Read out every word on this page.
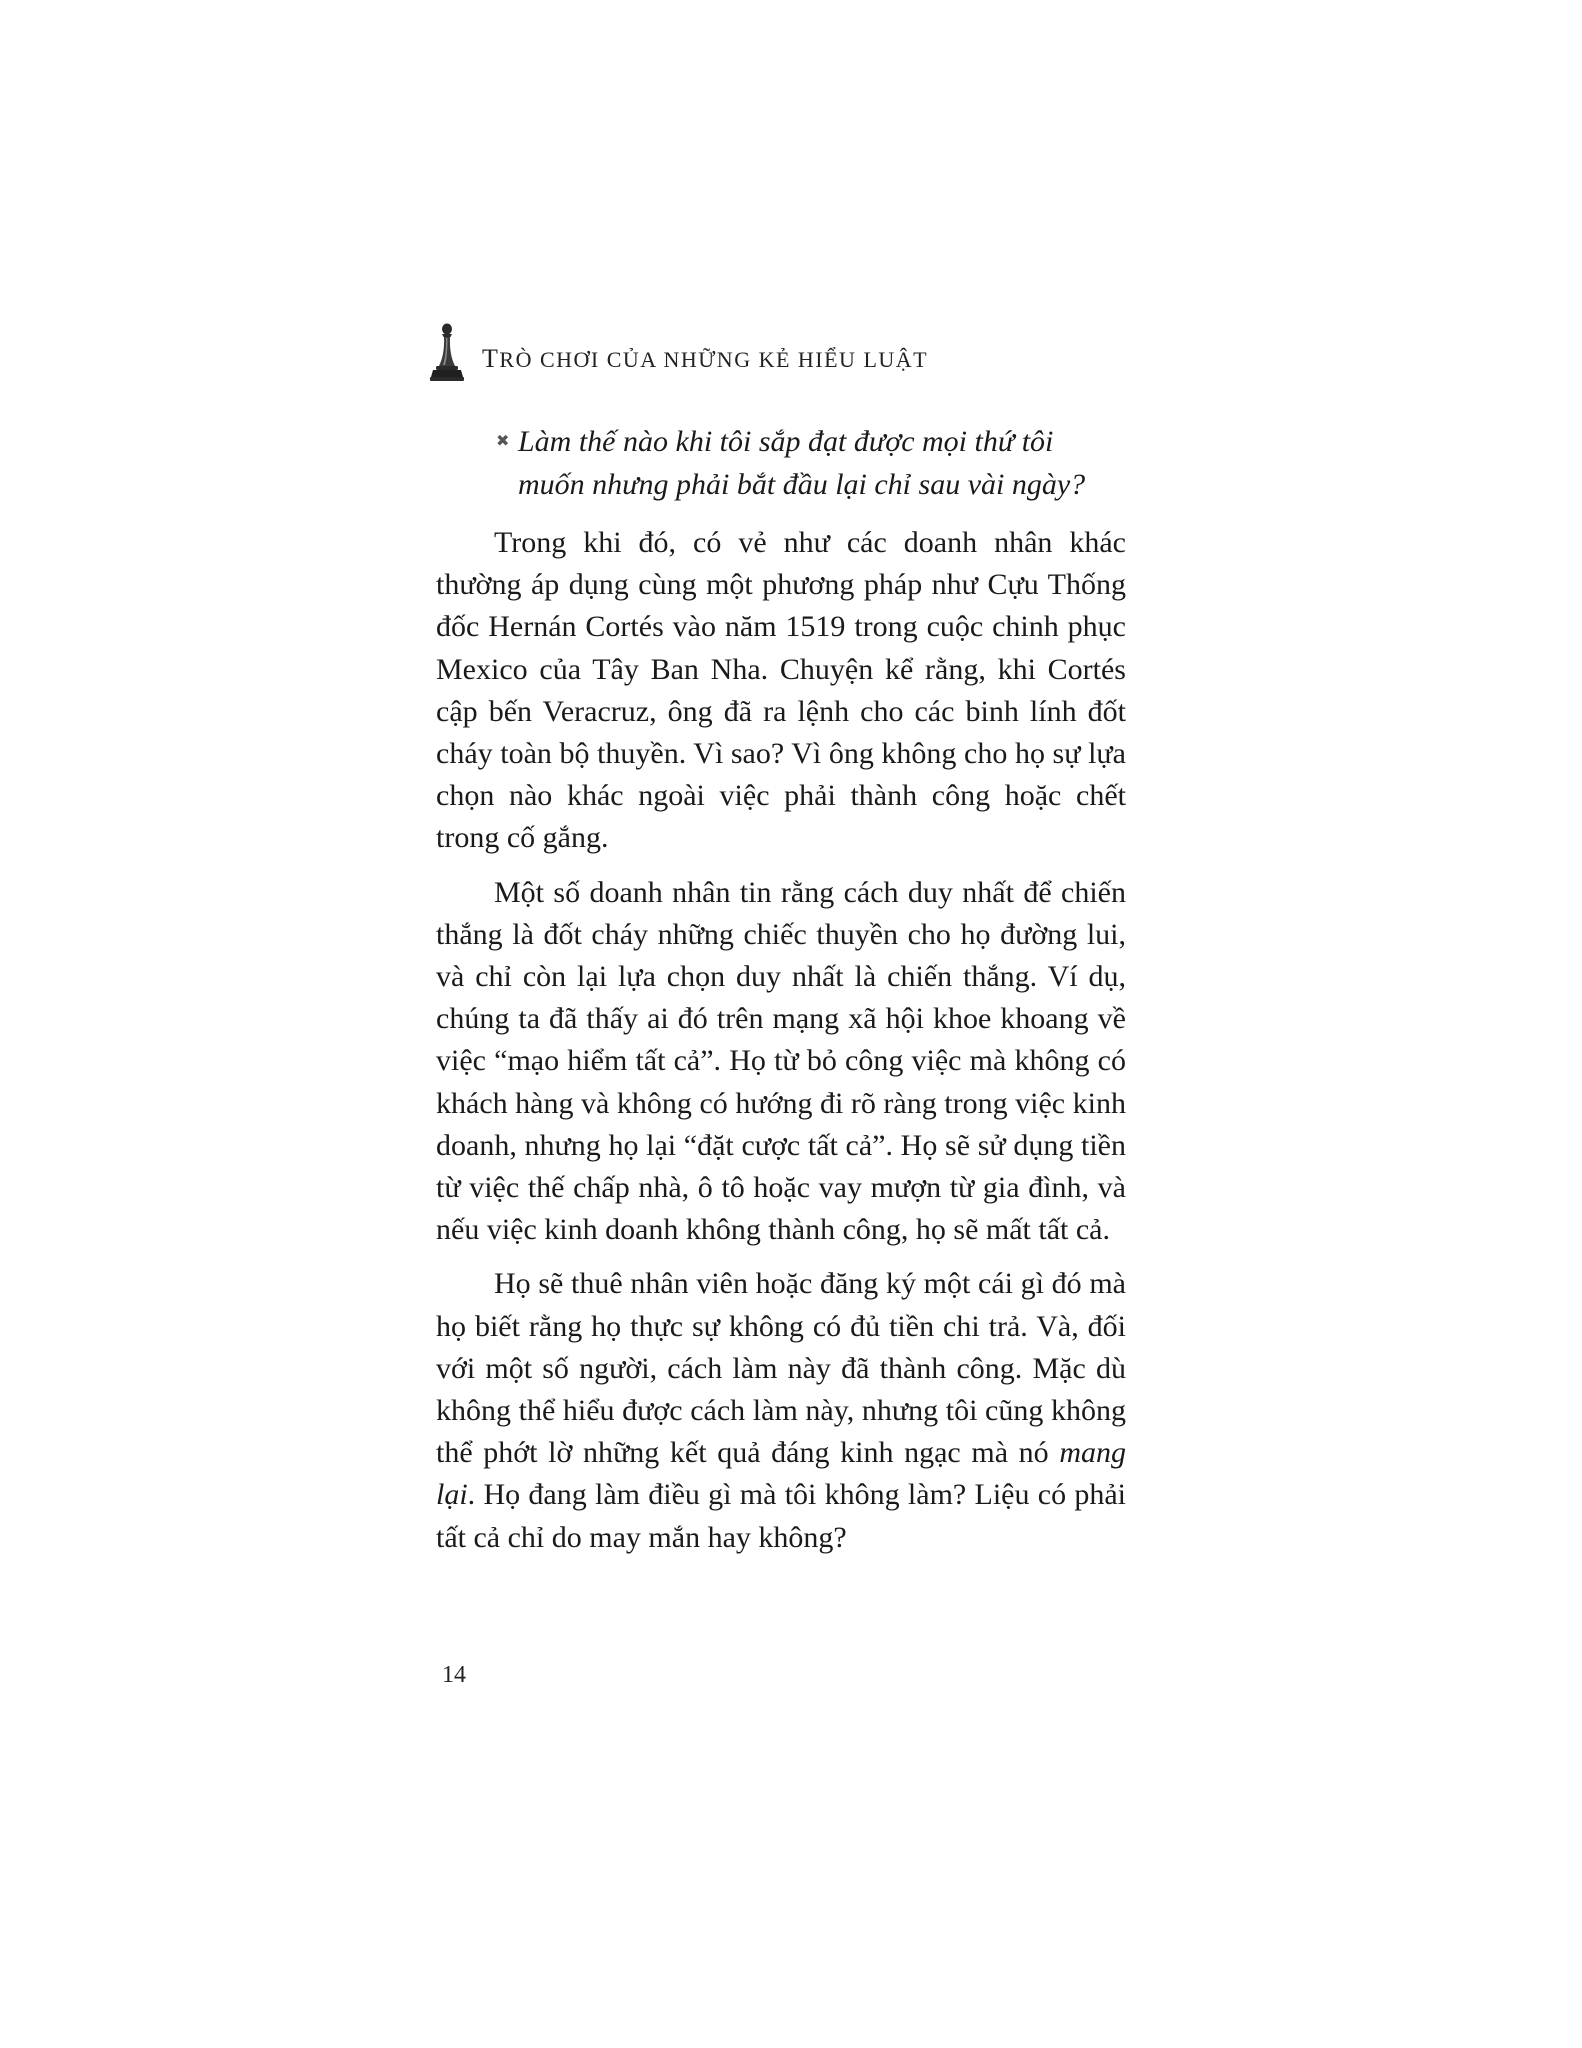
TRÒ CHƠI CỦA NHỮNG KẺ HIỂU LUẬT
✖ Làm thế nào khi tôi sắp đạt được mọi thứ tôi muốn nhưng phải bắt đầu lại chỉ sau vài ngày?

Trong khi đó, có vẻ như các doanh nhân khác thường áp dụng cùng một phương pháp như Cựu Thống đốc Hernán Cortés vào năm 1519 trong cuộc chinh phục Mexico của Tây Ban Nha. Chuyện kể rằng, khi Cortés cập bến Veracruz, ông đã ra lệnh cho các binh lính đốt cháy toàn bộ thuyền. Vì sao? Vì ông không cho họ sự lựa chọn nào khác ngoài việc phải thành công hoặc chết trong cố gắng.

Một số doanh nhân tin rằng cách duy nhất để chiến thắng là đốt cháy những chiếc thuyền cho họ đường lui, và chỉ còn lại lựa chọn duy nhất là chiến thắng. Ví dụ, chúng ta đã thấy ai đó trên mạng xã hội khoe khoang về việc “mạo hiểm tất cả”. Họ từ bỏ công việc mà không có khách hàng và không có hướng đi rõ ràng trong việc kinh doanh, nhưng họ lại “đặt cược tất cả”. Họ sẽ sử dụng tiền từ việc thế chấp nhà, ô tô hoặc vay mượn từ gia đình, và nếu việc kinh doanh không thành công, họ sẽ mất tất cả.

Họ sẽ thuê nhân viên hoặc đăng ký một cái gì đó mà họ biết rằng họ thực sự không có đủ tiền chi trả. Và, đối với một số người, cách làm này đã thành công. Mặc dù không thể hiểu được cách làm này, nhưng tôi cũng không thể phớt lờ những kết quả đáng kinh ngạc mà nó mang lại. Họ đang làm điều gì mà tôi không làm? Liệu có phải tất cả chỉ do may mắn hay không?

14
